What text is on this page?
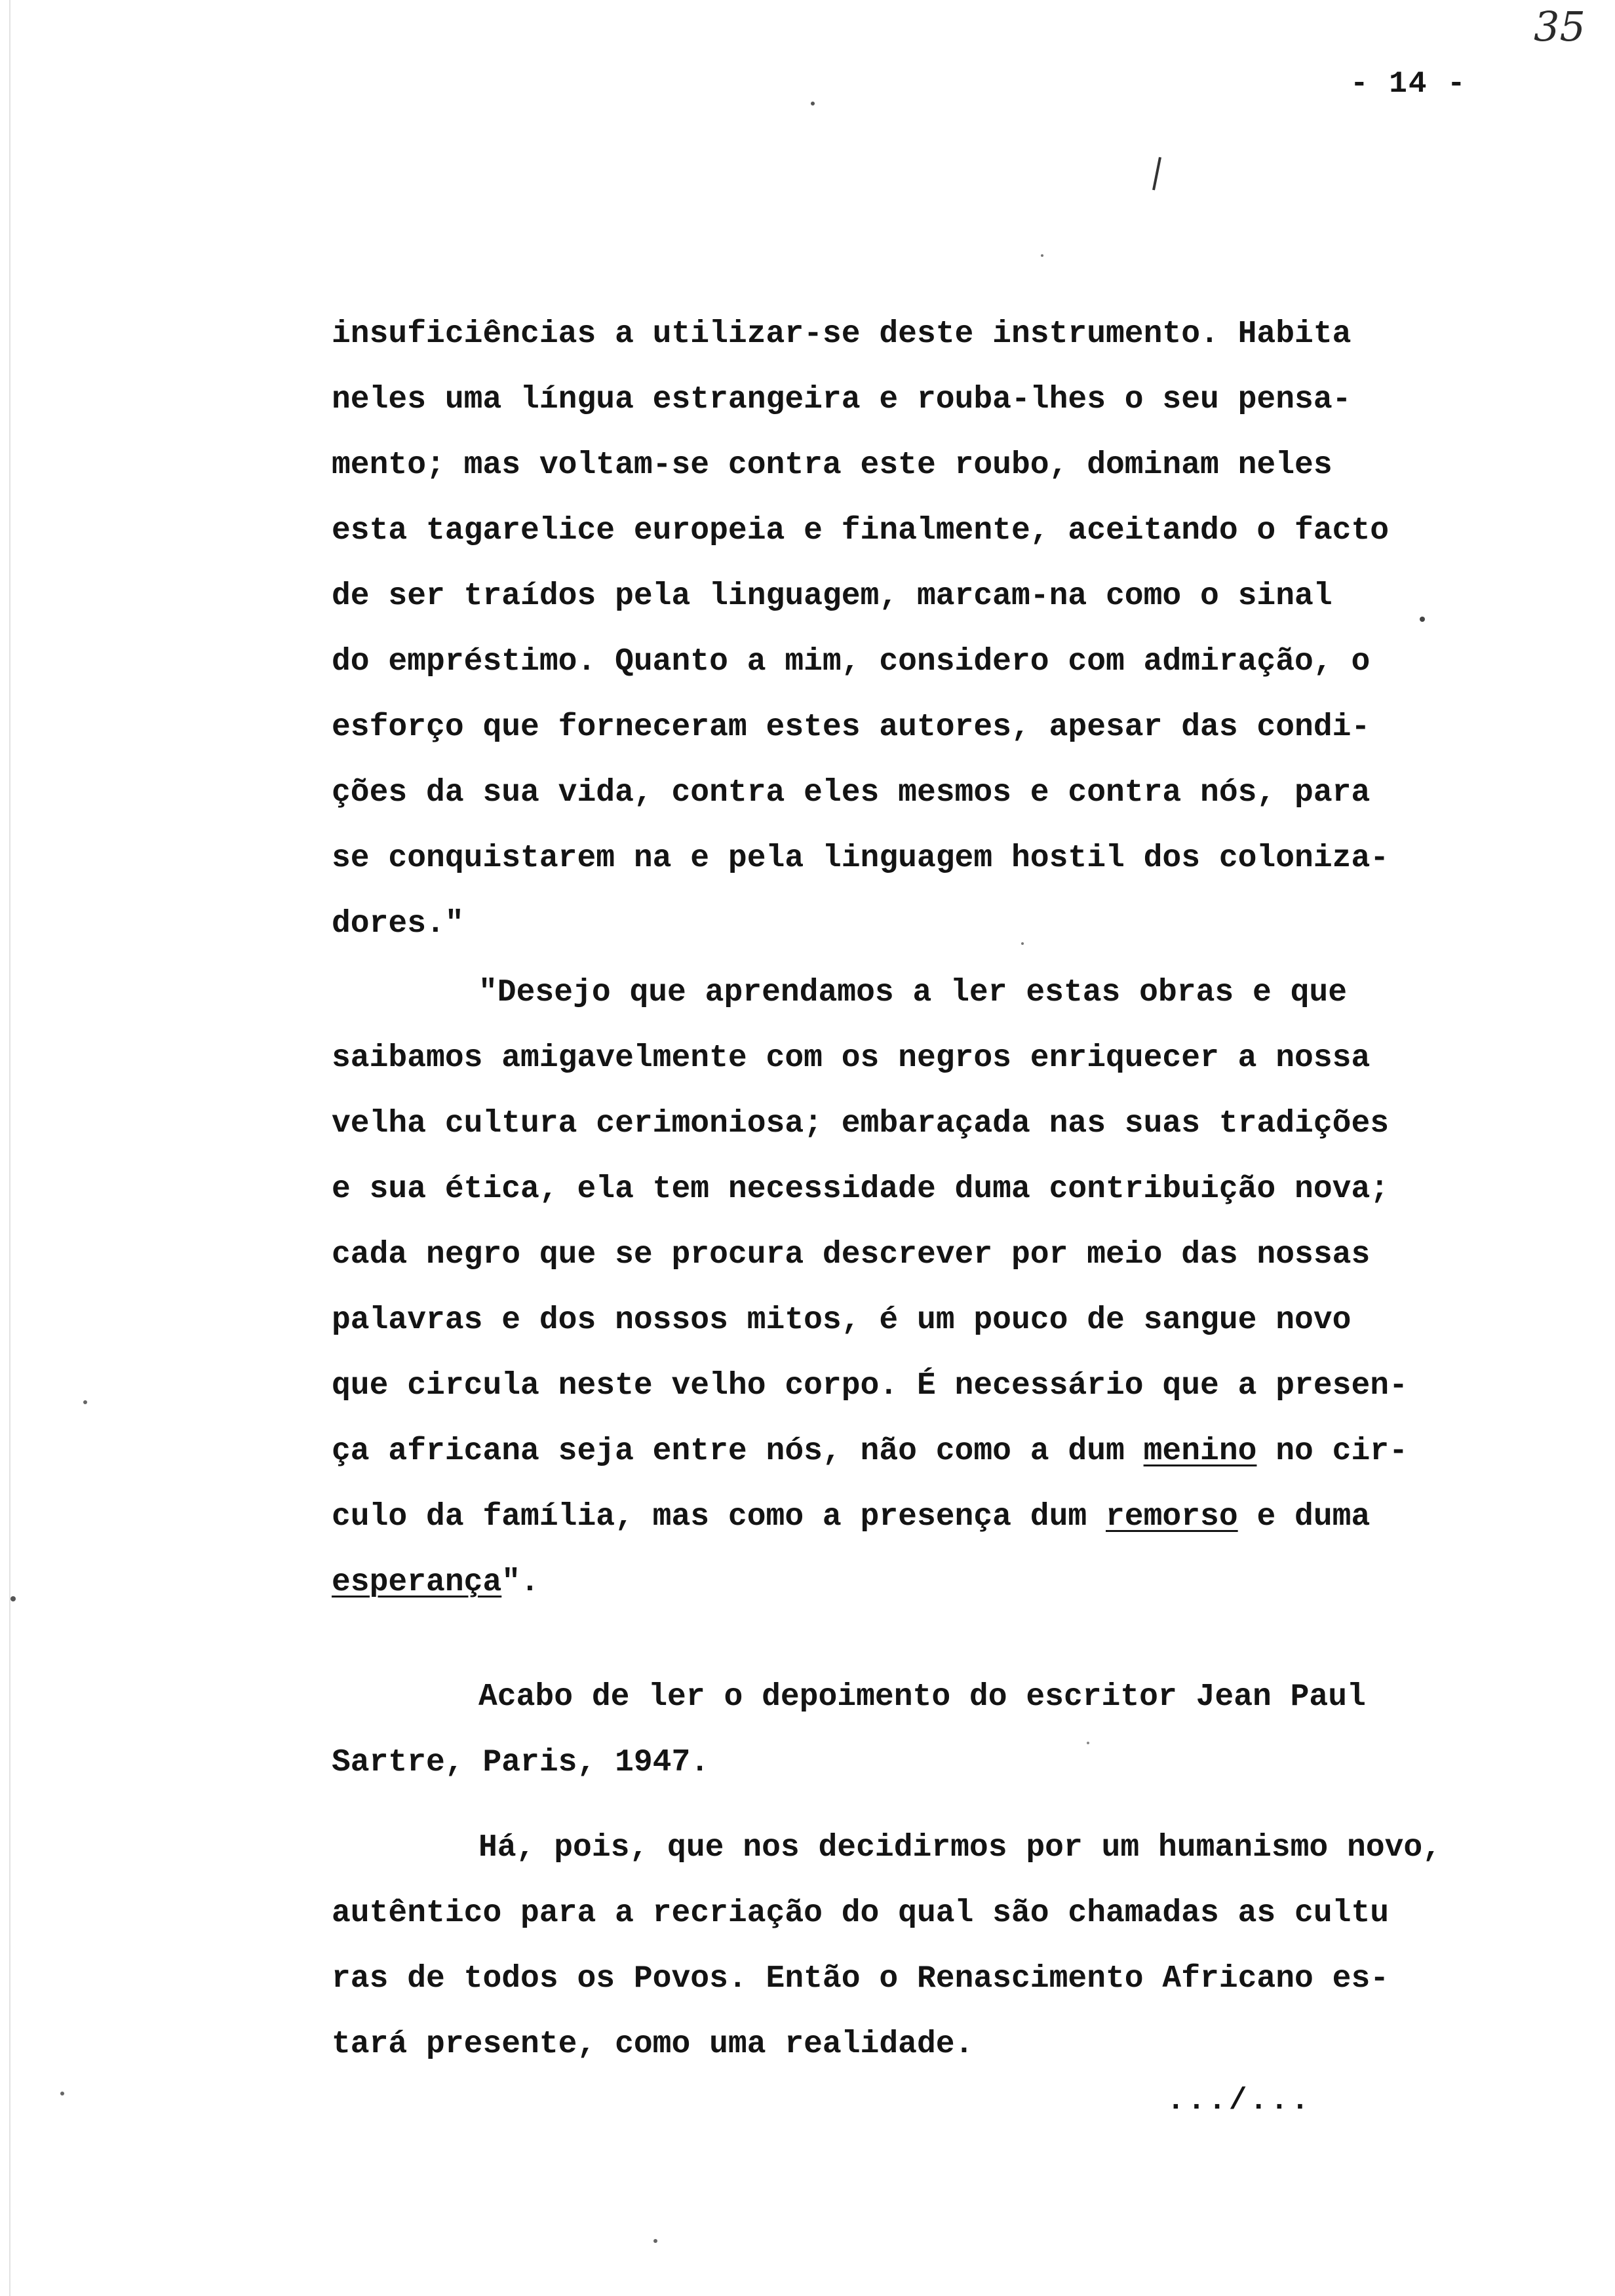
35
- 14 -
insuficiências a utilizar-se deste instrumento. Habita
neles uma língua estrangeira e rouba-lhes o seu pensa-
mento; mas voltam-se contra este roubo, dominam neles
esta tagarelice europeia e finalmente, aceitando o facto
de ser traídos pela linguagem, marcam-na como o sinal
do empréstimo. Quanto a mim, considero com admiração, o
esforço que forneceram estes autores, apesar das condi-
ções da sua vida, contra eles mesmos e contra nós, para
se conquistarem na e pela linguagem hostil dos coloniza-
dores."
"Desejo que aprendamos a ler estas obras e que
saibamos amigavelmente com os negros enriquecer a nossa
velha cultura cerimoniosa; embaraçada nas suas tradições
e sua ética, ela tem necessidade duma contribuição nova;
cada negro que se procura descrever por meio das nossas
palavras e dos nossos mitos, é um pouco de sangue novo
que circula neste velho corpo. É necessário que a presen-
ça africana seja entre nós, não como a dum menino no cir-
culo da família, mas como a presença dum remorso e duma
esperança".
Acabo de ler o depoimento do escritor Jean Paul
Sartre, Paris, 1947.
Há, pois, que nos decidirmos por um humanismo novo,
autêntico para a recriação do qual são chamadas as cultu
ras de todos os Povos. Então o Renascimento Africano es-
tará presente, como uma realidade.
.../...
